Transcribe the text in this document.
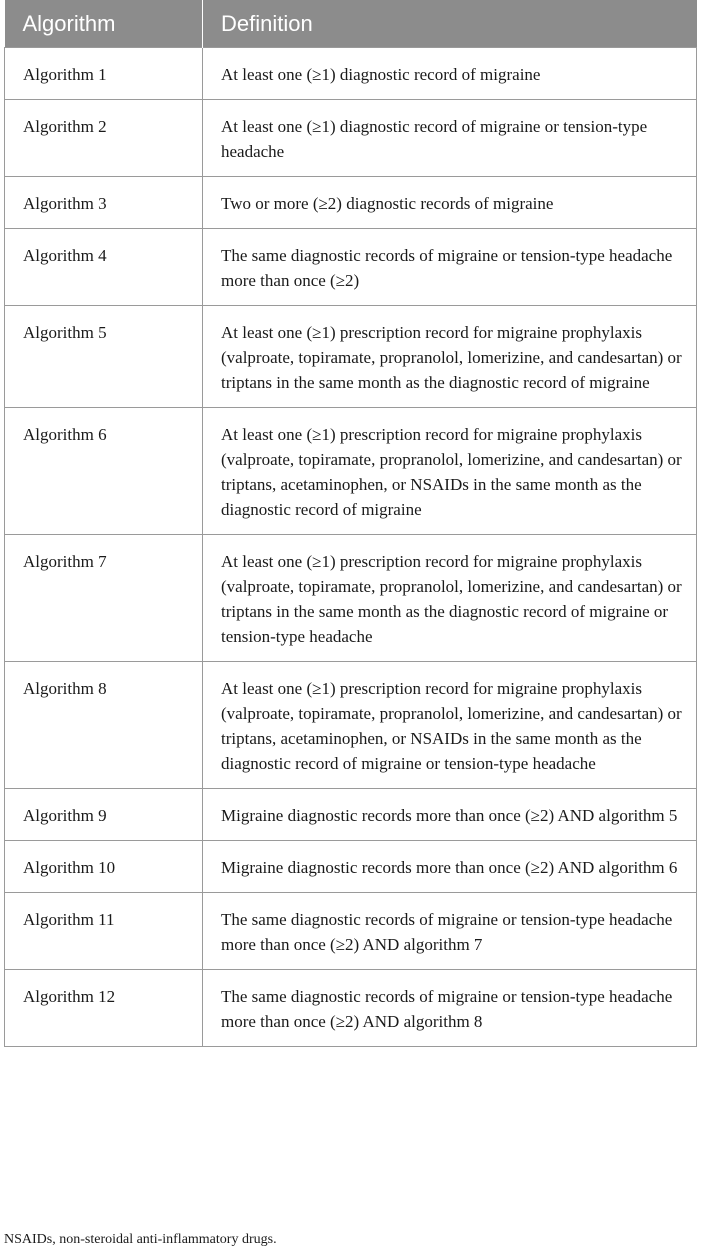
Algorithm	Definition
Algorithm 1	At least one (≥1) diagnostic record of migraine
Algorithm 2	At least one (≥1) diagnostic record of migraine or tension-type headache
Algorithm 3	Two or more (≥2) diagnostic records of migraine
Algorithm 4	The same diagnostic records of migraine or tension-type headache more than once (≥2)
Algorithm 5	At least one (≥1) prescription record for migraine prophylaxis (valproate, topiramate, propranolol, lomerizine, and candesartan) or triptans in the same month as the diagnostic record of migraine
Algorithm 6	At least one (≥1) prescription record for migraine prophylaxis (valproate, topiramate, propranolol, lomerizine, and candesartan) or triptans, acetaminophen, or NSAIDs in the same month as the diagnostic record of migraine
Algorithm 7	At least one (≥1) prescription record for migraine prophylaxis (valproate, topiramate, propranolol, lomerizine, and candesartan) or triptans in the same month as the diagnostic record of migraine or tension-type headache
Algorithm 8	At least one (≥1) prescription record for migraine prophylaxis (valproate, topiramate, propranolol, lomerizine, and candesartan) or triptans, acetaminophen, or NSAIDs in the same month as the diagnostic record of migraine or tension-type headache
Algorithm 9	Migraine diagnostic records more than once (≥2) AND algorithm 5
Algorithm 10	Migraine diagnostic records more than once (≥2) AND algorithm 6
Algorithm 11	The same diagnostic records of migraine or tension-type headache more than once (≥2) AND algorithm 7
Algorithm 12	The same diagnostic records of migraine or tension-type headache more than once (≥2) AND algorithm 8
NSAIDs, non-steroidal anti-inflammatory drugs.
